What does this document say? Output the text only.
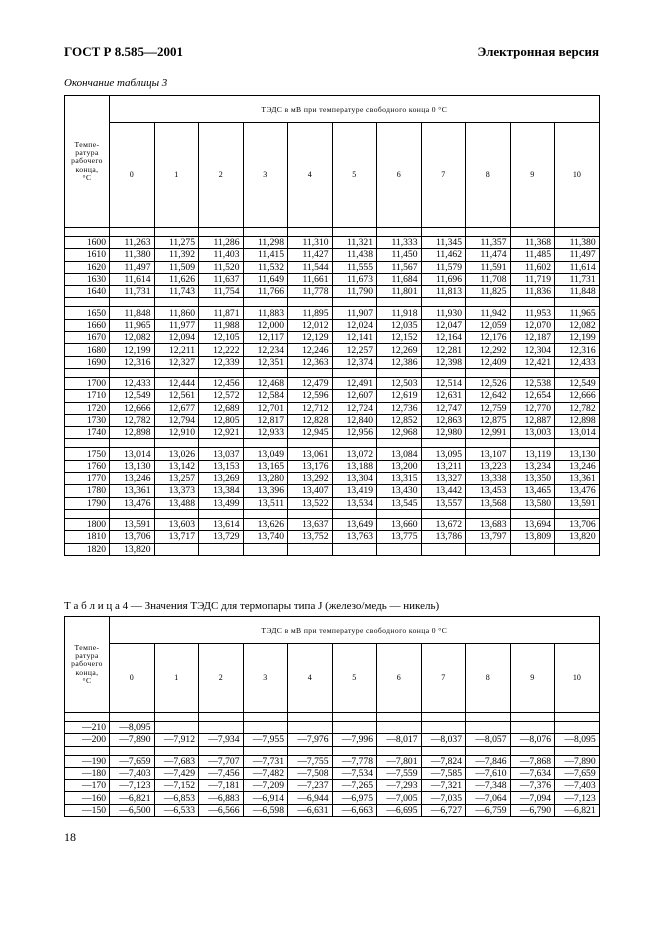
ГОСТ Р 8.585—2001	Электронная версия
Окончание таблицы 3
Темпе-
ратура
рабочего
конца,
°С	ТЭДС в мВ при температуре свободного конца 0 °С										
	0	1	2	3	4	5	6	7	8	9	10

1600	11,263	11,275	11,286	11,298	11,310	11,321	11,333	11,345	11,357	11,368	11,380
1610	11,380	11,392	11,403	11,415	11,427	11,438	11,450	11,462	11,474	11,485	11,497
1620	11,497	11,509	11,520	11,532	11,544	11,555	11,567	11,579	11,591	11,602	11,614
1630	11,614	11,626	11,637	11,649	11,661	11,673	11,684	11,696	11,708	11,719	11,731
1640	11,731	11,743	11,754	11,766	11,778	11,790	11,801	11,813	11,825	11,836	11,848

1650	11,848	11,860	11,871	11,883	11,895	11,907	11,918	11,930	11,942	11,953	11,965
1660	11,965	11,977	11,988	12,000	12,012	12,024	12,035	12,047	12,059	12,070	12,082
1670	12,082	12,094	12,105	12,117	12,129	12,141	12,152	12,164	12,176	12,187	12,199
1680	12,199	12,211	12,222	12,234	12,246	12,257	12,269	12,281	12,292	12,304	12,316
1690	12,316	12,327	12,339	12,351	12,363	12,374	12,386	12,398	12,409	12,421	12,433

1700	12,433	12,444	12,456	12,468	12,479	12,491	12,503	12,514	12,526	12,538	12,549
1710	12,549	12,561	12,572	12,584	12,596	12,607	12,619	12,631	12,642	12,654	12,666
1720	12,666	12,677	12,689	12,701	12,712	12,724	12,736	12,747	12,759	12,770	12,782
1730	12,782	12,794	12,805	12,817	12,828	12,840	12,852	12,863	12,875	12,887	12,898
1740	12,898	12,910	12,921	12,933	12,945	12,956	12,968	12,980	12,991	13,003	13,014

1750	13,014	13,026	13,037	13,049	13,061	13,072	13,084	13,095	13,107	13,119	13,130
1760	13,130	13,142	13,153	13,165	13,176	13,188	13,200	13,211	13,223	13,234	13,246
1770	13,246	13,257	13,269	13,280	13,292	13,304	13,315	13,327	13,338	13,350	13,361
1780	13,361	13,373	13,384	13,396	13,407	13,419	13,430	13,442	13,453	13,465	13,476
1790	13,476	13,488	13,499	13,511	13,522	13,534	13,545	13,557	13,568	13,580	13,591

1800	13,591	13,603	13,614	13,626	13,637	13,649	13,660	13,672	13,683	13,694	13,706
1810	13,706	13,717	13,729	13,740	13,752	13,763	13,775	13,786	13,797	13,809	13,820
1820	13,820										
Т а б л и ц а 4 — Значения ТЭДС для термопары типа J (железо/медь — никель)
Темпе-
ратура
рабочего
конца,
°С	ТЭДС в мВ при температуре свободного конца 0 °С										
	0	1	2	3	4	5	6	7	8	9	10

—210	—8,095										
—200	—7,890	—7,912	—7,934	—7,955	—7,976	—7,996	—8,017	—8,037	—8,057	—8,076	—8,095

—190	—7,659	—7,683	—7,707	—7,731	—7,755	—7,778	—7,801	—7,824	—7,846	—7,868	—7,890
—180	—7,403	—7,429	—7,456	—7,482	—7,508	—7,534	—7,559	—7,585	—7,610	—7,634	—7,659
—170	—7,123	—7,152	—7,181	—7,209	—7,237	—7,265	—7,293	—7,321	—7,348	—7,376	—7,403
—160	—6,821	—6,853	—6,883	—6,914	—6,944	—6,975	—7,005	—7,035	—7,064	—7,094	—7,123
—150	—6,500	—6,533	—6,566	—6,598	—6,631	—6,663	—6,695	—6,727	—6,759	—6,790	—6,821
18
